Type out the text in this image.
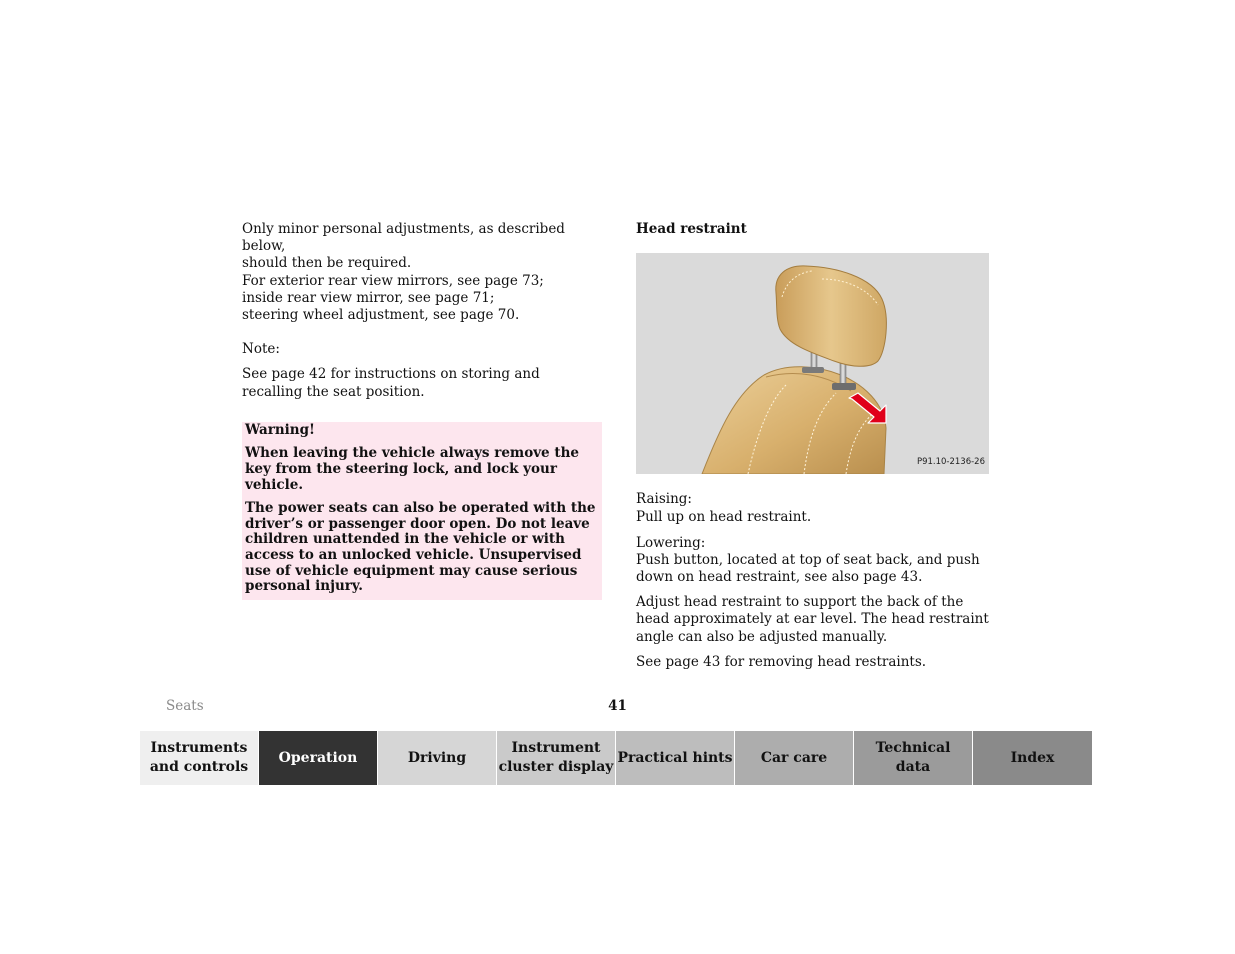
Only minor personal adjustments, as described below,

should then be required.

For exterior rear view mirrors, see page 73;

inside rear view mirror, see page 71;

steering wheel adjustment, see page 70.

Note:

See page 42 for instructions on storing and recalling the seat position.

Warning!

When leaving the vehicle always remove the key from the steering lock, and lock your vehicle.

The power seats can also be operated with the driver’s or passenger door open. Do not leave children unattended in the vehicle or with access to an unlocked vehicle. Unsupervised use of vehicle equipment may cause serious personal injury.

Head restraint

P91.10-2136-26

Raising:

Pull up on head restraint.

Lowering:

Push button, located at top of seat back, and push down on head restraint, see also page 43.

Adjust head restraint to support the back of the head approximately at ear level. The head restraint angle can also be adjusted manually.

See page 43 for removing head restraints.

Seats	41
Instruments
and controls
Operation	Driving
Instrument
cluster display
Practical hints Car care
Technical
data
Index
